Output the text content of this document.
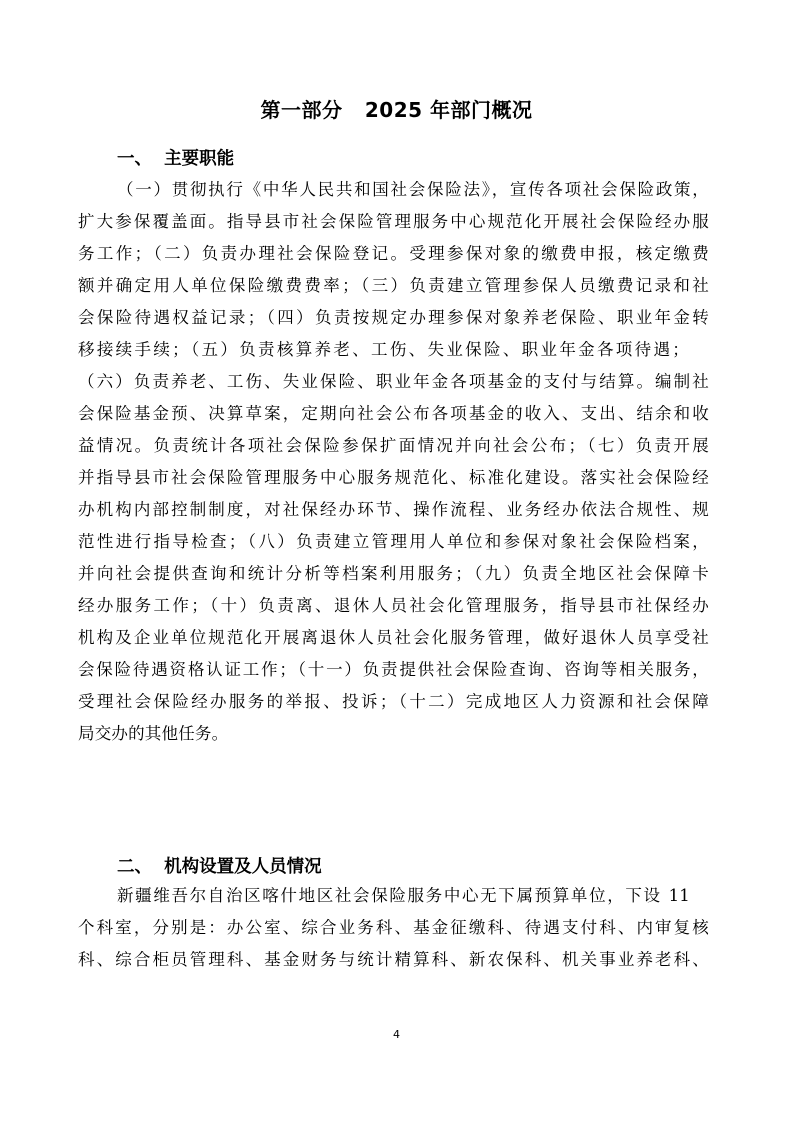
第一部分   2025 年部门概况
一、  主要职能
（一）贯彻执行《中华人民共和国社会保险法》，宣传各项社会保险政策，
扩大参保覆盖面。指导县市社会保险管理服务中心规范化开展社会保险经办服
务工作；（二）负责办理社会保险登记。受理参保对象的缴费申报，核定缴费
额并确定用人单位保险缴费费率；（三）负责建立管理参保人员缴费记录和社
会保险待遇权益记录；（四）负责按规定办理参保对象养老保险、职业年金转
移接续手续；（五）负责核算养老、工伤、失业保险、职业年金各项待遇；
（六）负责养老、工伤、失业保险、职业年金各项基金的支付与结算。编制社
会保险基金预、决算草案，定期向社会公布各项基金的收入、支出、结余和收
益情况。负责统计各项社会保险参保扩面情况并向社会公布；（七）负责开展
并指导县市社会保险管理服务中心服务规范化、标准化建设。落实社会保险经
办机构内部控制制度，对社保经办环节、操作流程、业务经办依法合规性、规
范性进行指导检查；（八）负责建立管理用人单位和参保对象社会保险档案，
并向社会提供查询和统计分析等档案利用服务；（九）负责全地区社会保障卡
经办服务工作；（十）负责离、退休人员社会化管理服务，指导县市社保经办
机构及企业单位规范化开展离退休人员社会化服务管理，做好退休人员享受社
会保险待遇资格认证工作；（十一）负责提供社会保险查询、咨询等相关服务，
受理社会保险经办服务的举报、投诉；（十二）完成地区人力资源和社会保障
局交办的其他任务。
二、  机构设置及人员情况
新疆维吾尔自治区喀什地区社会保险服务中心无下属预算单位，下设 11
个科室，分别是：办公室、综合业务科、基金征缴科、待遇支付科、内审复核
科、综合柜员管理科、基金财务与统计精算科、新农保科、机关事业养老科、
4
